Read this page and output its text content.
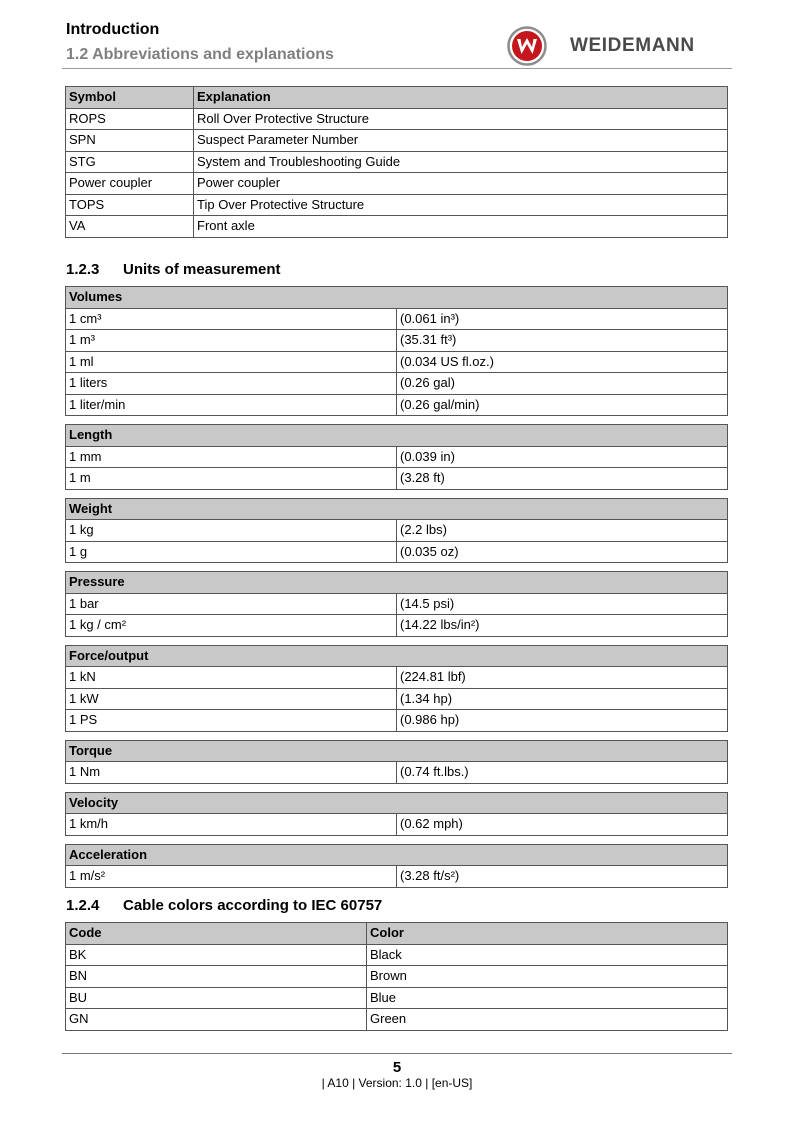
Introduction
1.2 Abbreviations and explanations	WEIDEMANN
Symbol	Explanation
ROPS	Roll Over Protective Structure
SPN	Suspect Parameter Number
STG	System and Troubleshooting Guide
Power coupler	Power coupler
TOPS	Tip Over Protective Structure
VA	Front axle
1.2.3 Units of measurement
Volumes	
1 cm³	(0.061 in³)
1 m³	(35.31 ft³)
1 ml	(0.034 US fl.oz.)
1 liters	(0.26 gal)
1 liter/min	(0.26 gal/min)

Length	
1 mm	(0.039 in)
1 m	(3.28 ft)

Weight	
1 kg	(2.2 lbs)
1 g	(0.035 oz)

Pressure	
1 bar	(14.5 psi)
1 kg / cm²	(14.22 lbs/in²)

Force/output	
1 kN	(224.81 lbf)
1 kW	(1.34 hp)
1 PS	(0.986 hp)

Torque	
1 Nm	(0.74 ft.lbs.)

Velocity	
1 km/h	(0.62 mph)

Acceleration	
1 m/s²	(3.28 ft/s²)
1.2.4 Cable colors according to IEC 60757
Code	Color
BK	Black
BN	Brown
BU	Blue
GN	Green
5
| A10 | Version: 1.0 | [en-US]
